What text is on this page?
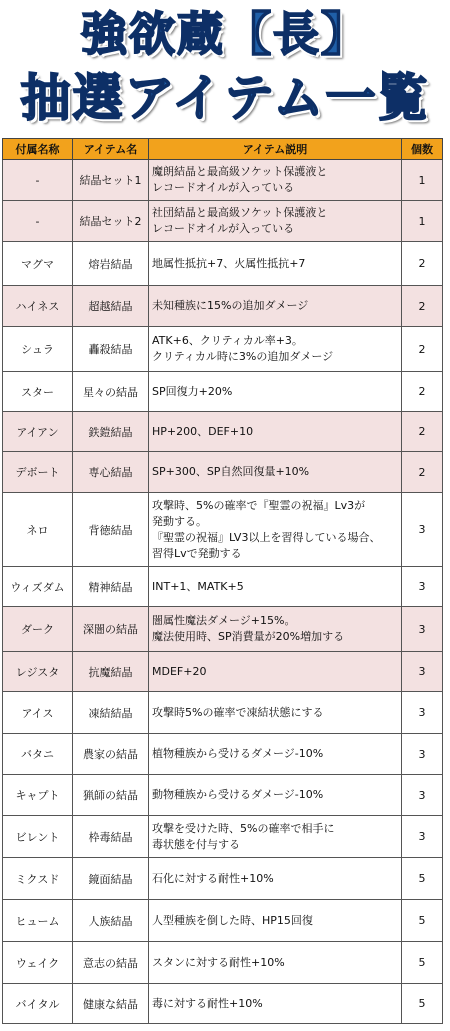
強欲蔵【長】
抽選アイテム一覧
付属名称	アイテム名	アイテム説明	個数
-	結晶セット1	魔朗結晶と最高級ソケット保護液と
レコードオイルが入っている	1
-	結晶セット2	社団結晶と最高級ソケット保護液と
レコードオイルが入っている	1
マグマ	熔岩結晶	地属性抵抗+7、火属性抵抗+7	2
ハイネス	超越結晶	未知種族に15%の追加ダメージ	2
シュラ	轟殺結晶	ATK+6、クリティカル率+3。
クリティカル時に3%の追加ダメージ	2
スター	星々の結晶	SP回復力+20%	2
アイアン	鉄鎧結晶	HP+200、DEF+10	2
デボート	専心結晶	SP+300、SP自然回復量+10%	2
ネロ	背徳結晶	攻撃時、5%の確率で『聖霊の祝福』Lv3が
発動する。
『聖霊の祝福』LV3以上を習得している場合、
習得Lvで発動する	3
ウィズダム	精神結晶	INT+1、MATK+5	3
ダーク	深闇の結晶	闇属性魔法ダメージ+15%。
魔法使用時、SP消費量が20%増加する	3
レジスタ	抗魔結晶	MDEF+20	3
アイス	凍結結晶	攻撃時5%の確率で凍結状態にする	3
バタニ	農家の結晶	植物種族から受けるダメージ-10%	3
キャプト	猟師の結晶	動物種族から受けるダメージ-10%	3
ビレント	枠毒結晶	攻撃を受けた時、5%の確率で相手に
毒状態を付与する	3
ミクスド	鏡面結晶	石化に対する耐性+10%	5
ヒューム	人族結晶	人型種族を倒した時、HP15回復	5
ウェイク	意志の結晶	スタンに対する耐性+10%	5
バイタル	健康な結晶	毒に対する耐性+10%	5
